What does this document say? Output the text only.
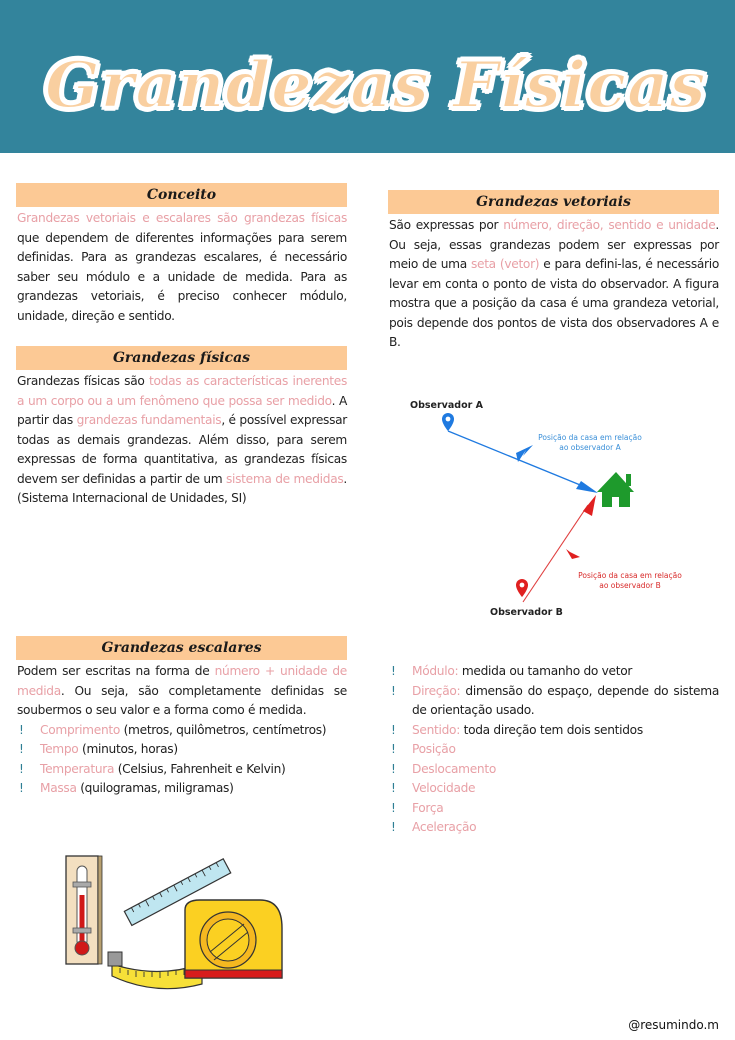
Grandezas Físicas
Conceito
Grandezas vetoriais e escalares são grandezas físicas que dependem de diferentes informações para serem definidas. Para as grandezas escalares, é necessário saber seu módulo e a unidade de medida. Para as grandezas vetoriais, é preciso conhecer módulo, unidade, direção e sentido.
Grandezas físicas
Grandezas físicas são todas as características inerentes a um corpo ou a um fenômeno que possa ser medido. A partir das grandezas fundamentais, é possível expressar todas as demais grandezas. Além disso, para serem expressas de forma quantitativa, as grandezas físicas devem ser definidas a partir de um sistema de medidas. (Sistema Internacional de Unidades, SI)
Grandezas vetoriais
São expressas por número, direção, sentido e unidade. Ou seja, essas grandezas podem ser expressas por meio de uma seta (vetor) e para defini-las, é necessário levar em conta o ponto de vista do observador. A figura mostra que a posição da casa é uma grandeza vetorial, pois depende dos pontos de vista dos observadores A e B.
Observador A
Posição da casa em relação
ao observador A
Posição da casa em relação
ao observador B
Observador B
Grandezas escalares
Podem ser escritas na forma de número + unidade de medida. Ou seja, são completamente definidas se soubermos o seu valor e a forma como é medida.
! Comprimento (metros, quilômetros, centímetros)
! Tempo (minutos, horas)
! Temperatura (Celsius, Fahrenheit e Kelvin)
! Massa (quilogramas, miligramas)
! Módulo: medida ou tamanho do vetor
! Direção: dimensão do espaço, depende do sistema de orientação usado.
! Sentido: toda direção tem dois sentidos
! Posição
! Deslocamento
! Velocidade
! Força
! Aceleração
@resumindo.m
